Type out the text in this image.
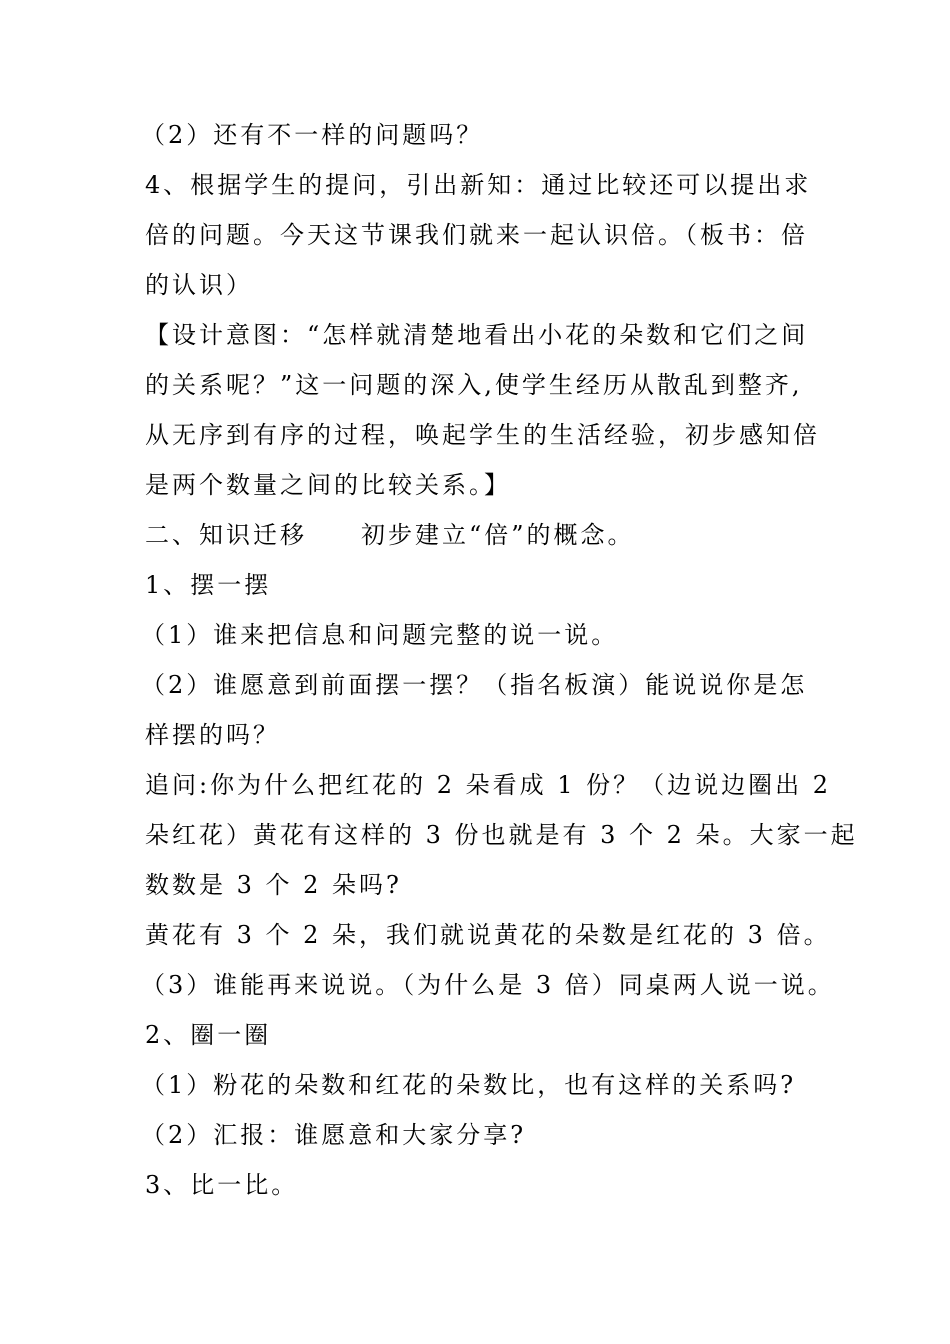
（2）还有不一样的问题吗？
4、根据学生的提问，引出新知：通过比较还可以提出求
倍的问题。今天这节课我们就来一起认识倍。（板书：倍
的认识）
【设计意图：“怎样就清楚地看出小花的朵数和它们之间
的关系呢？”这一问题的深入,使学生经历从散乱到整齐,
从无序到有序的过程，唤起学生的生活经验，初步感知倍
是两个数量之间的比较关系。】
二、知识迁移　　初步建立“倍”的概念。
1、摆一摆
（1）谁来把信息和问题完整的说一说。
（2）谁愿意到前面摆一摆？（指名板演）能说说你是怎
样摆的吗？
追问:你为什么把红花的 2 朵看成 1 份？（边说边圈出 2
朵红花）黄花有这样的 3 份也就是有 3 个 2 朵。大家一起
数数是 3 个 2 朵吗?
黄花有 3 个 2 朵，我们就说黄花的朵数是红花的 3 倍。
（3）谁能再来说说。（为什么是 3 倍）同桌两人说一说。
2、圈一圈
（1）粉花的朵数和红花的朵数比，也有这样的关系吗?
（2）汇报：谁愿意和大家分享?
3、比一比。
